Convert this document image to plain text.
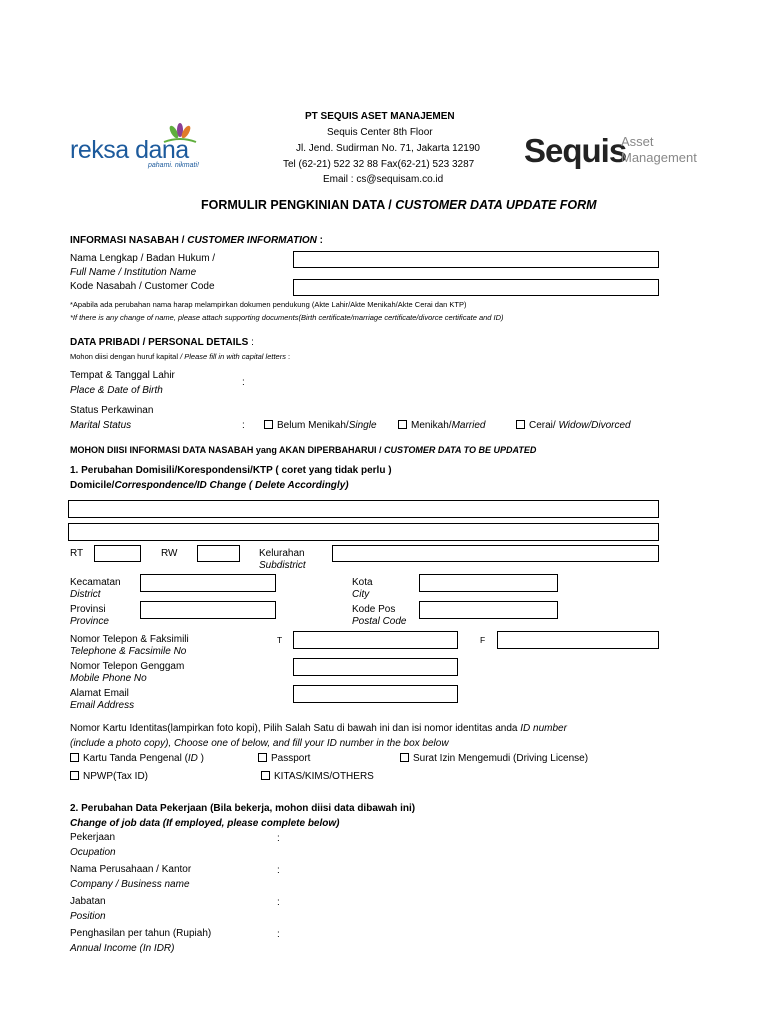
reksa dana
pahami. nikmati!
PT SEQUIS ASET MANAJEMEN
Sequis Center 8th Floor
Jl. Jend. Sudirman No. 71, Jakarta 12190
Tel (62-21) 522 32 88 Fax(62-21) 523 3287
Email : cs@sequisam.co.id
Sequis
Asset
Management
FORMULIR PENGKINIAN DATA / CUSTOMER DATA UPDATE FORM
INFORMASI NASABAH / CUSTOMER INFORMATION :
Nama Lengkap / Badan Hukum /
Full Name / Institution Name
Kode Nasabah / Customer Code
*Apabila ada perubahan nama harap melampirkan dokumen pendukung (Akte Lahir/Akte Menikah/Akte Cerai dan KTP)
*If there is any change of name, please attach supporting documents(Birth certificate/marriage certificate/divorce certificate and ID)
DATA PRIBADI / PERSONAL DETAILS :
Mohon diisi dengan huruf kapital / Please fill in with capital letters :
Tempat & Tanggal Lahir
Place & Date of Birth
:
Status Perkawinan
Marital Status	:	Belum Menikah/Single	Menikah/Married	Cerai/ Widow/Divorced
MOHON DIISI INFORMASI DATA NASABAH yang AKAN DIPERBAHARUI / CUSTOMER DATA TO BE UPDATED
1. Perubahan Domisili/Korespondensi/KTP ( coret yang tidak perlu )
Domicile/Correspondence/ID Change ( Delete Accordingly)
RT	RW	Kelurahan
Subdistrict
Kecamatan
District
Kota
City
Provinsi
Province
Kode Pos
Postal Code
Nomor Telepon & Faksimili
Telephone & Facsimile No
T	F
Nomor Telepon Genggam
Mobile Phone No
Alamat Email
Email Address
Nomor Kartu Identitas(lampirkan foto kopi), Pilih Salah Satu di bawah ini dan isi nomor identitas anda ID number
(include a photo copy), Choose one of below, and fill your ID number in the box below
Kartu Tanda Pengenal (ID )	Passport	Surat Izin Mengemudi (Driving License)
NPWP(Tax ID)	KITAS/KIMS/OTHERS
2. Perubahan Data Pekerjaan (Bila bekerja, mohon diisi data dibawah ini)
Change of job data (If employed, please complete below)
Pekerjaan
Ocupation
:
Nama Perusahaan / Kantor
Company / Business name
:
Jabatan
Position
:
Penghasilan per tahun (Rupiah)
Annual Income (In IDR)
:
